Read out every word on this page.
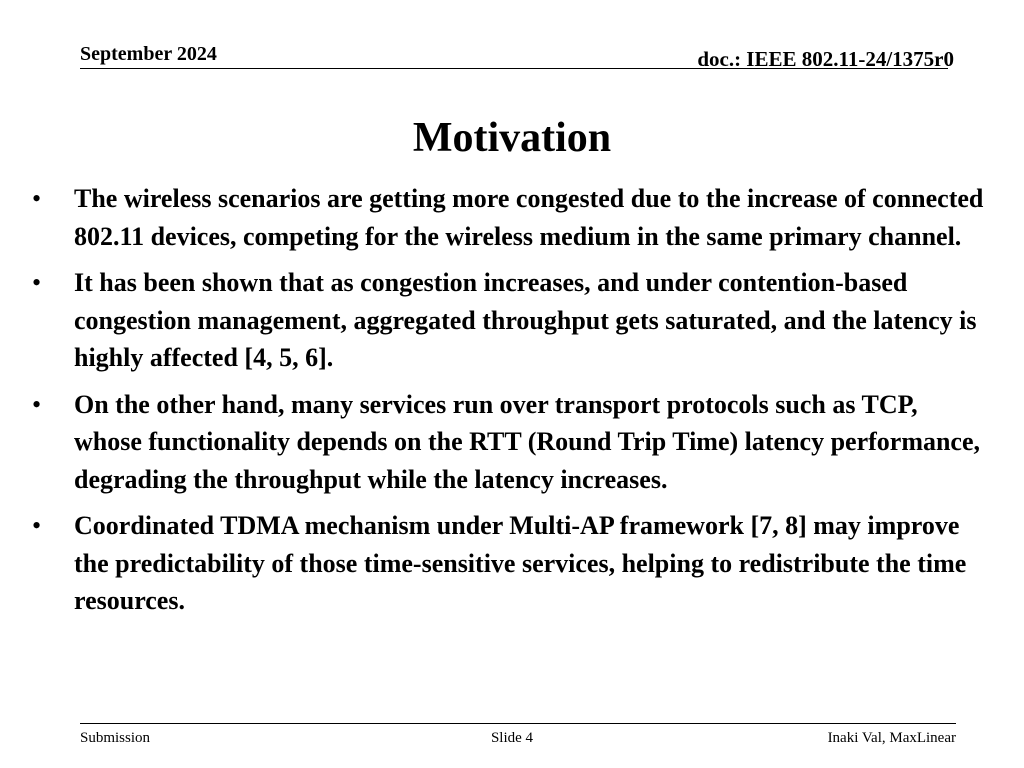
September 2024	doc.: IEEE 802.11-24/1375r0
Motivation
• The wireless scenarios are getting more congested due to the increase of connected 802.11 devices, competing for the wireless medium in the same primary channel.
• It has been shown that as congestion increases, and under contention-based congestion management, aggregated throughput gets saturated, and the latency is highly affected [4, 5, 6].
• On the other hand, many services run over transport protocols such as TCP, whose functionality depends on the RTT (Round Trip Time) latency performance, degrading the throughput while the latency increases.
• Coordinated TDMA mechanism under Multi-AP framework [7, 8] may improve the predictability of those time-sensitive services, helping to redistribute the time resources.
Submission	Slide 4	Inaki Val, MaxLinear
